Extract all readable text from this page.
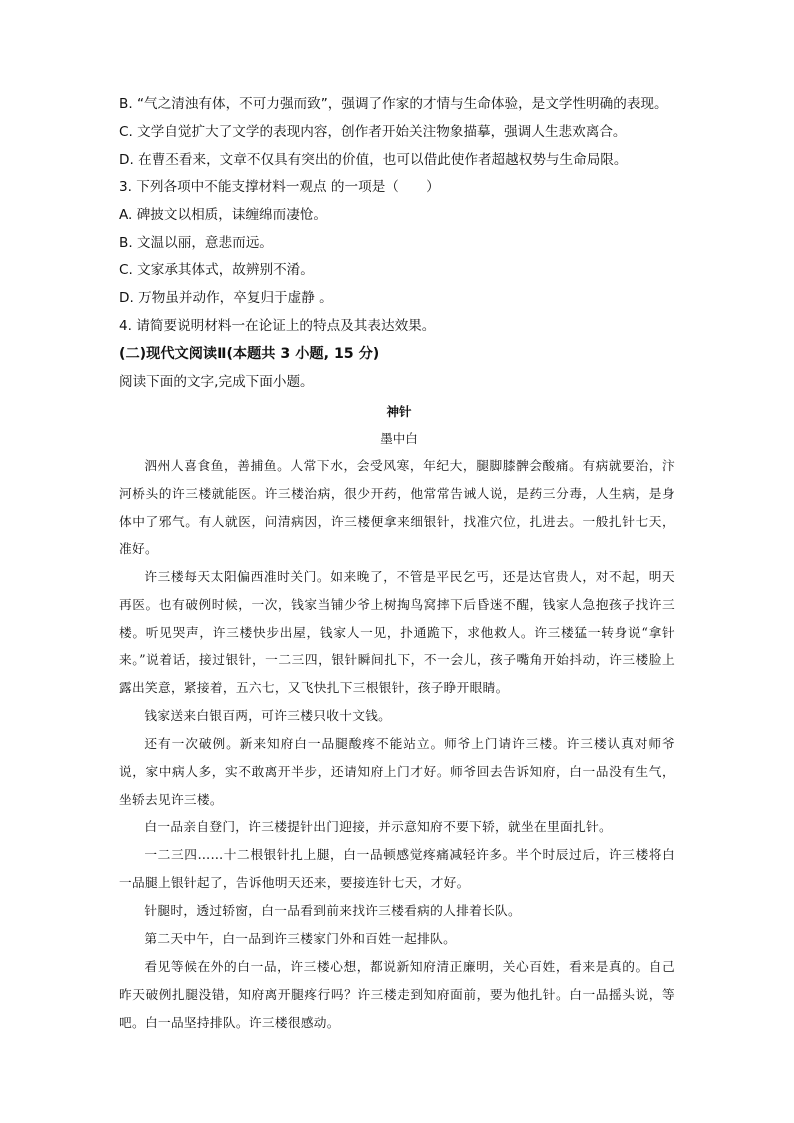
B. “气之清浊有体，不可力强而致”，强调了作家的才情与生命体验，是文学性明确的表现。
C. 文学自觉扩大了文学的表现内容，创作者开始关注物象描摹，强调人生悲欢离合。
D. 在曹丕看来，文章不仅具有突出的价值，也可以借此使作者超越权势与生命局限。
3. 下列各项中不能支撑材料一观点 的一项是（　　）
A. 碑披文以相质，诔缠绵而凄怆。
B. 文温以丽，意悲而远。
C. 文家承其体式，故辨别不淆。
D. 万物虽并动作，卒复归于虚静 。
4. 请简要说明材料一在论证上的特点及其表达效果。
(二)现代文阅读Ⅱ(本题共 3 小题, 15 分)
阅读下面的文字,完成下面小题。
神针
墨中白

泗州人喜食鱼，善捕鱼。人常下水，会受风寒，年纪大，腿脚膝髀会酸痛。有病就要治，汴河桥头的许三楼就能医。许三楼治病，很少开药，他常常告诫人说，是药三分毒，人生病，是身体中了邪气。有人就医，问清病因，许三楼便拿来细银针，找准穴位，扎进去。一般扎针七天，准好。

许三楼每天太阳偏西准时关门。如来晚了，不管是平民乞丐，还是达官贵人，对不起，明天再医。也有破例时候，一次，钱家当铺少爷上树掏鸟窝摔下后昏迷不醒，钱家人急抱孩子找许三楼。听见哭声，许三楼快步出屋，钱家人一见，扑通跪下，求他救人。许三楼猛一转身说“拿针来。”说着话，接过银针，一二三四，银针瞬间扎下，不一会儿，孩子嘴角开始抖动，许三楼脸上露出笑意，紧接着，五六七，又飞快扎下三根银针，孩子睁开眼睛。

钱家送来白银百两，可许三楼只收十文钱。

还有一次破例。新来知府白一品腿酸疼不能站立。师爷上门请许三楼。许三楼认真对师爷说，家中病人多，实不敢离开半步，还请知府上门才好。师爷回去告诉知府，白一品没有生气，坐轿去见许三楼。

白一品亲自登门，许三楼提针出门迎接，并示意知府不要下轿，就坐在里面扎针。

一二三四……十二根银针扎上腿，白一品顿感觉疼痛减轻许多。半个时辰过后，许三楼将白一品腿上银针起了，告诉他明天还来，要接连针七天，才好。

针腿时，透过轿窗，白一品看到前来找许三楼看病的人排着长队。

第二天中午，白一品到许三楼家门外和百姓一起排队。

看见等候在外的白一品，许三楼心想，都说新知府清正廉明，关心百姓，看来是真的。自己昨天破例扎腿没错，知府离开腿疼行吗？许三楼走到知府面前，要为他扎针。白一品摇头说，等吧。白一品坚持排队。许三楼很感动。
